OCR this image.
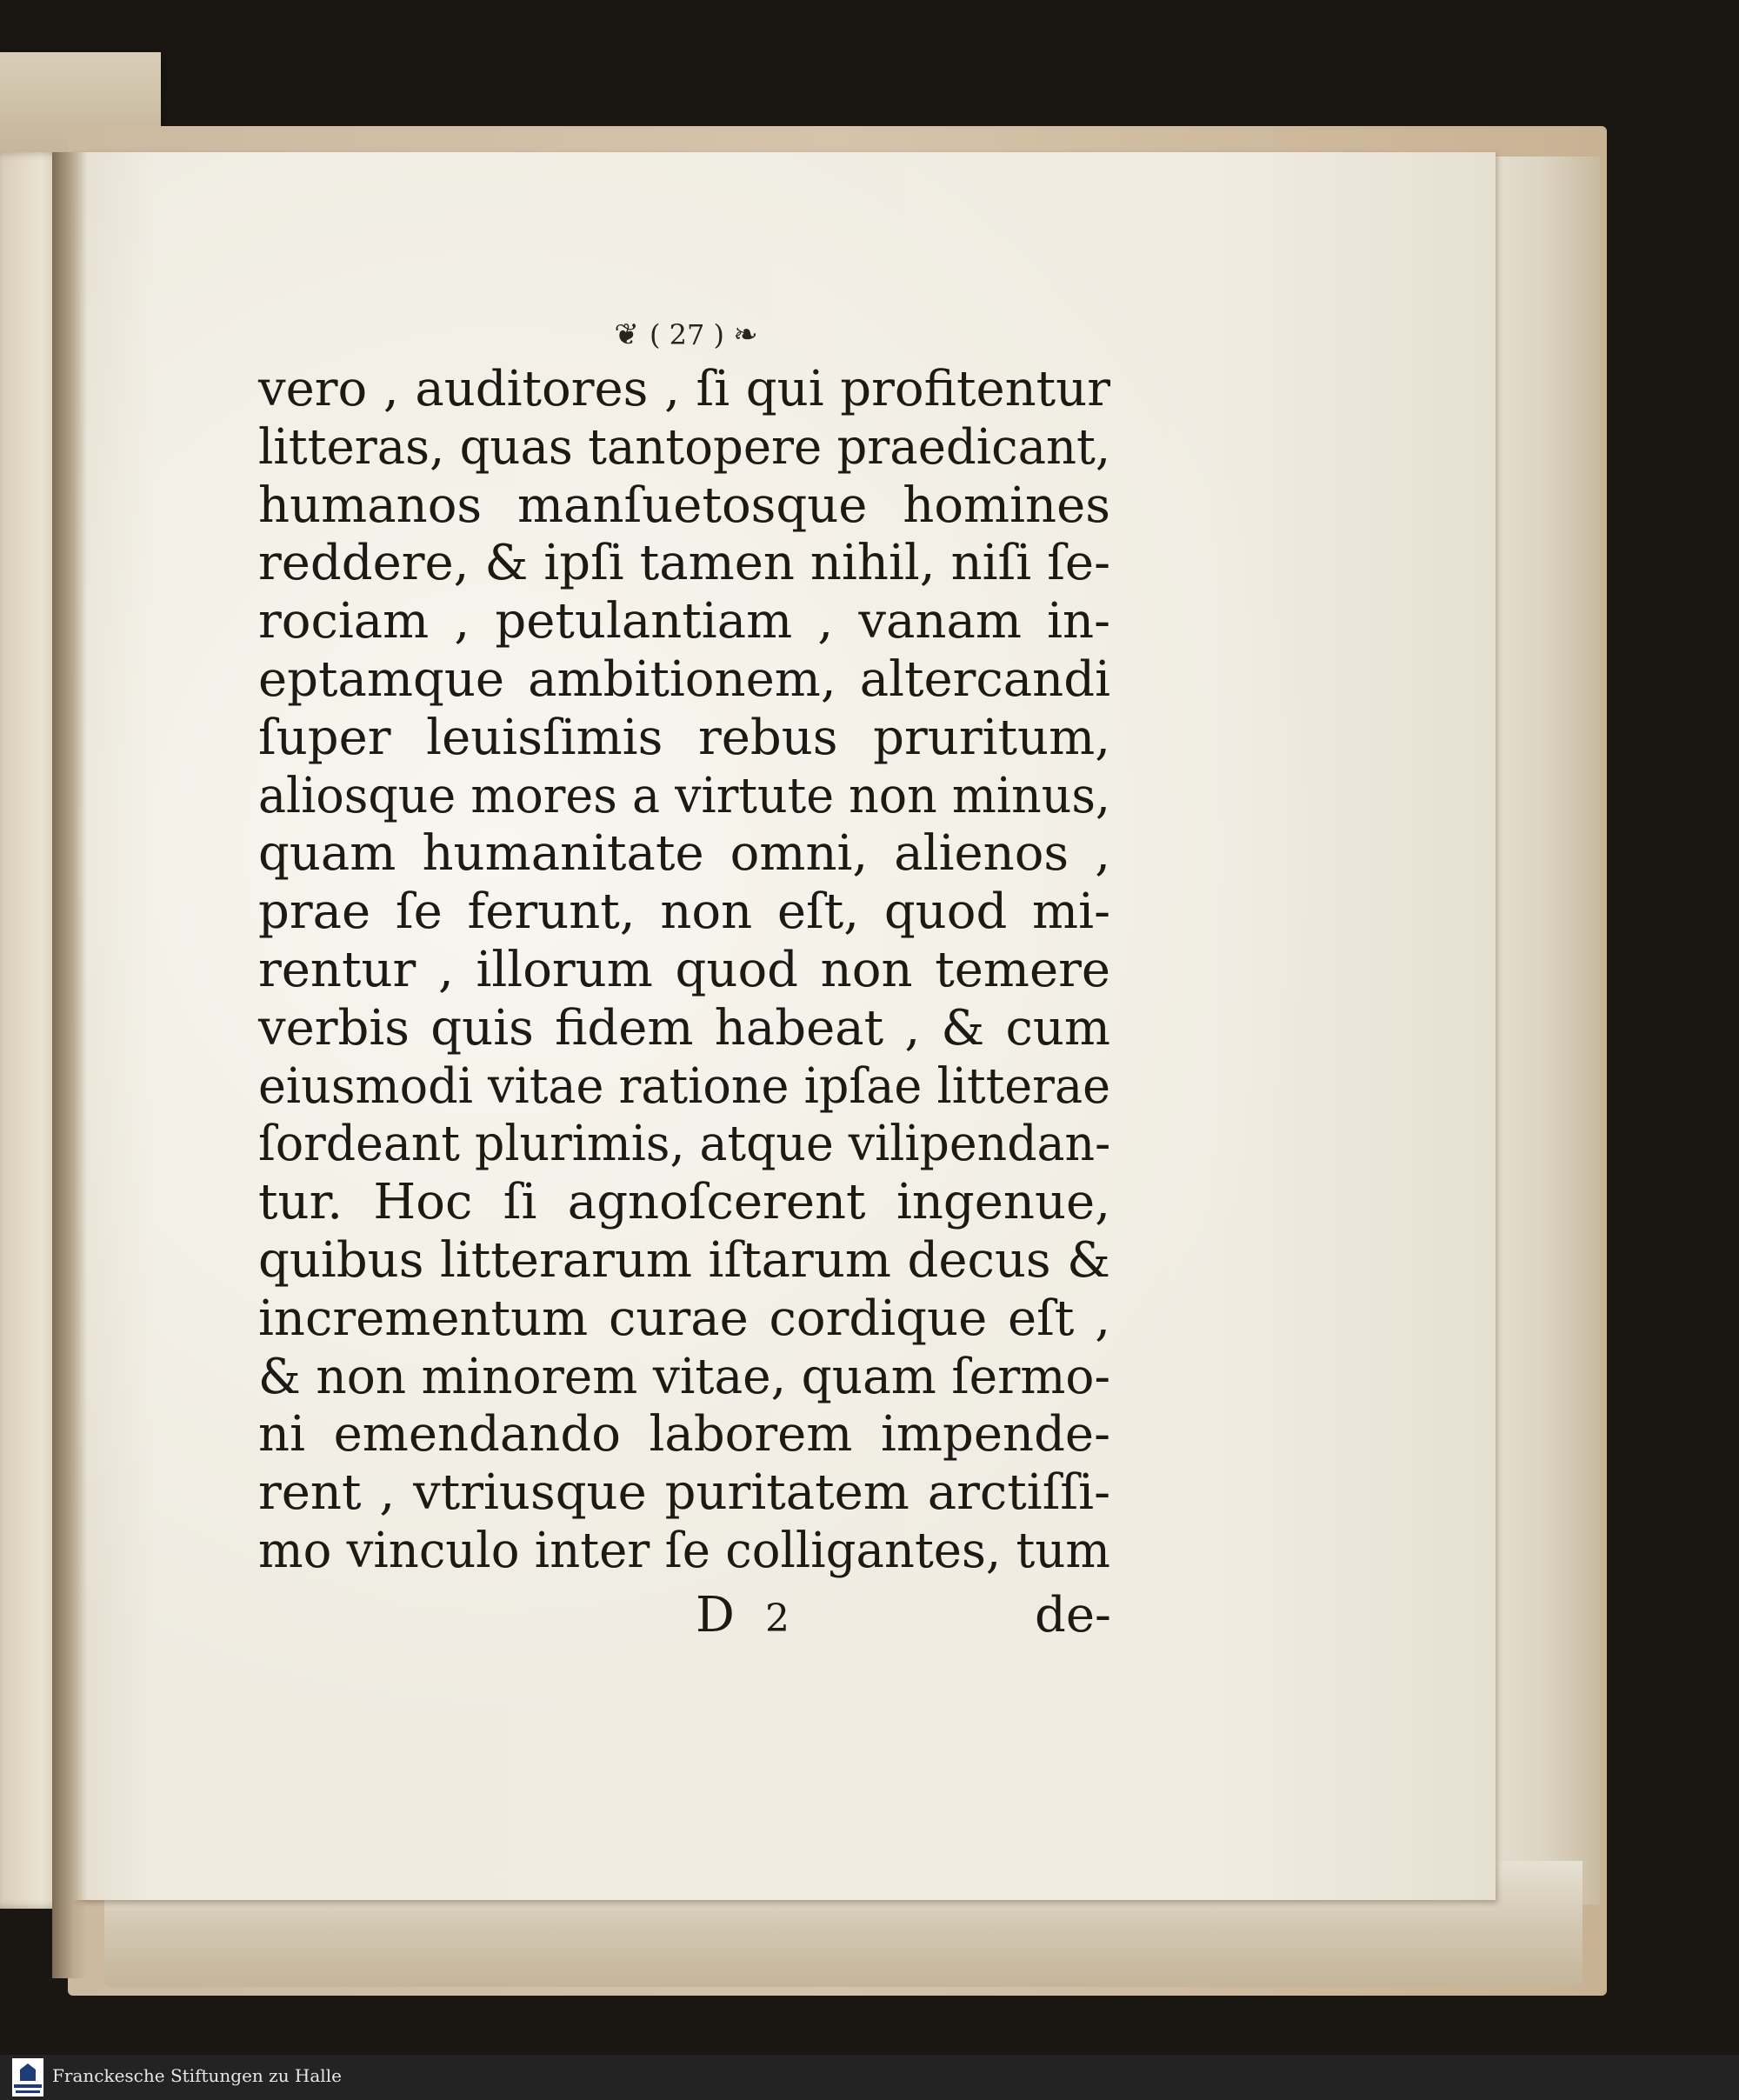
❦ ( 27 ) ❧
vero , auditores , ſi qui profitentur
litteras, quas tantopere praedicant,
humanos manſuetosque homines
reddere, & ipſi tamen nihil, niſi ſe-
rociam , petulantiam , vanam in-
eptamque ambitionem, altercandi
ſuper leuisſimis rebus pruritum,
aliosque mores a virtute non minus,
quam humanitate omni, alienos ,
prae ſe ferunt, non eſt, quod mi-
rentur , illorum quod non temere
verbis quis fidem habeat , & cum
eiusmodi vitae ratione ipſae litterae
ſordeant plurimis, atque vilipendan-
tur. Hoc ſi agnoſcerent ingenue,
quibus litterarum iſtarum decus &
incrementum curae cordique eſt ,
& non minorem vitae, quam ſermo-
ni emendando laborem impende-
rent , vtriusque puritatem arctiſſi-
mo vinculo inter ſe colligantes, tum
D 2	de-
Franckesche Stiftungen zu Halle
